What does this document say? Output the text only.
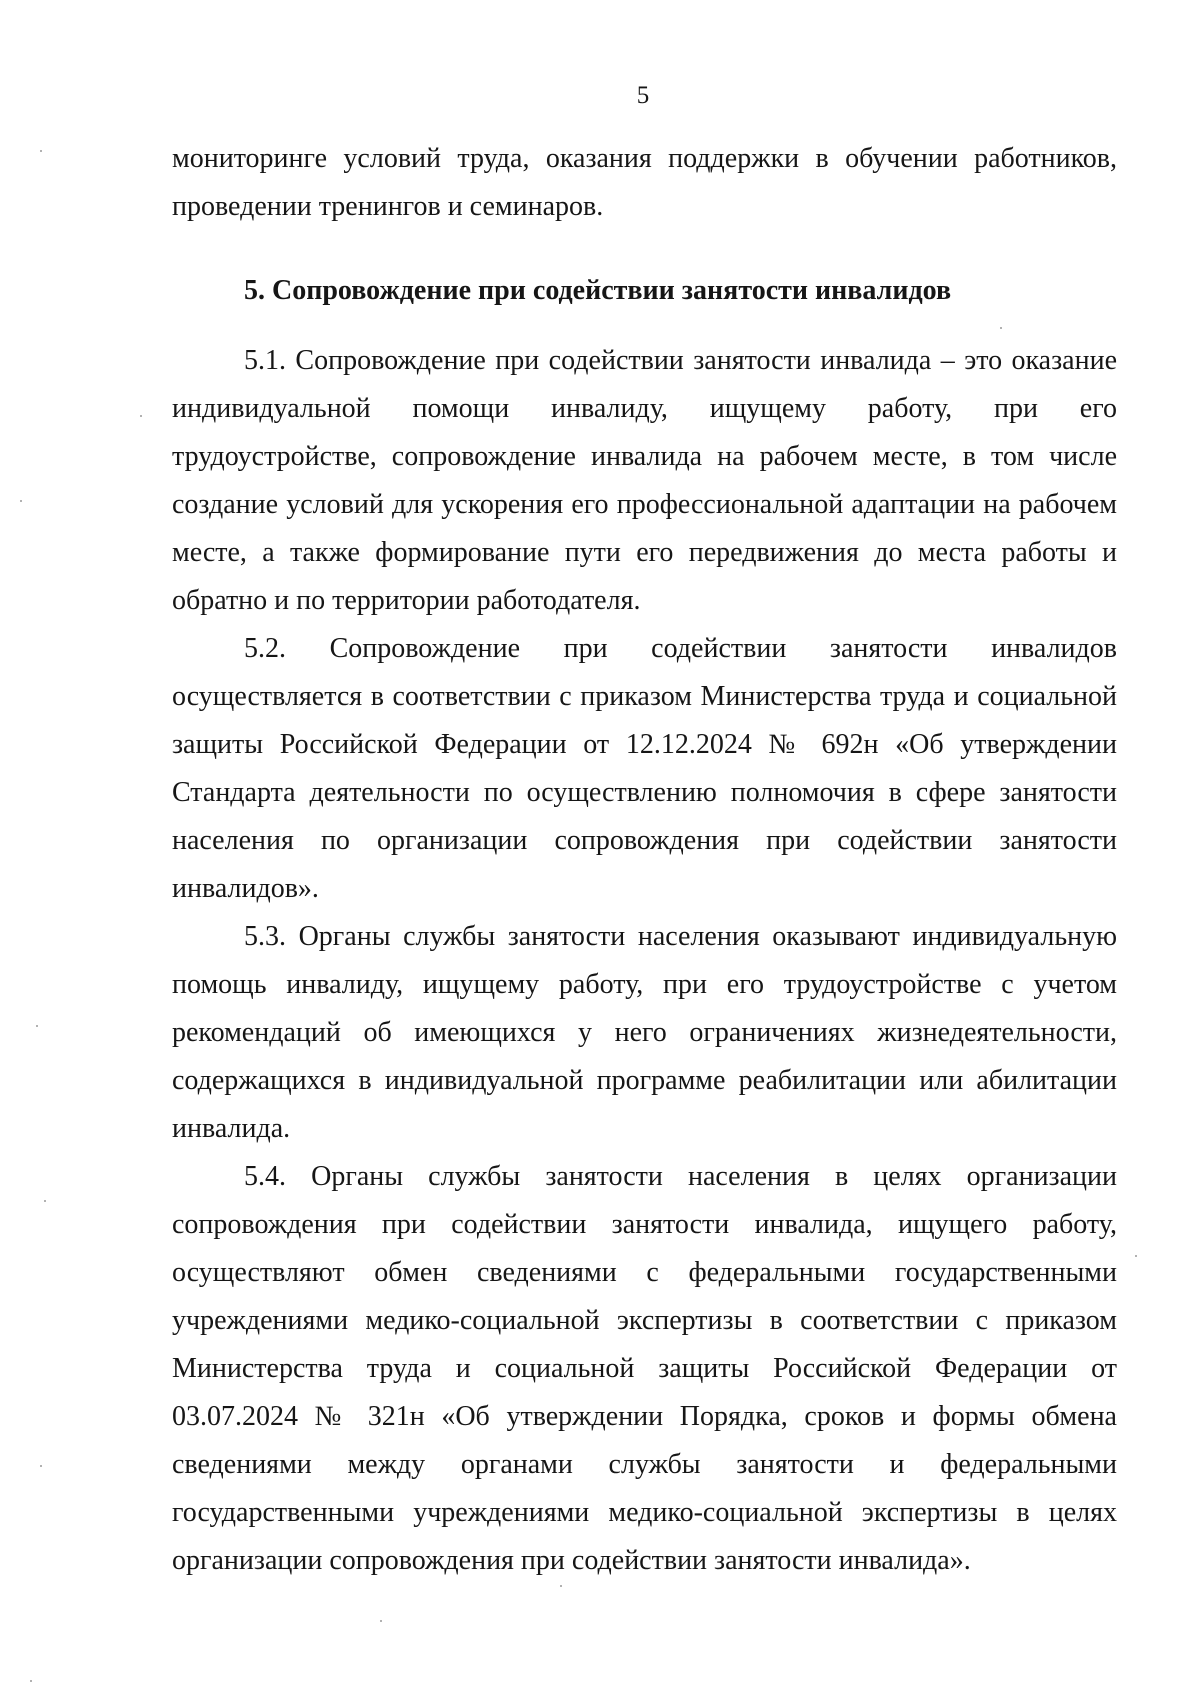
5

мониторинге условий труда, оказания поддержки в обучении работников, проведении тренингов и семинаров.

5. Сопровождение при содействии занятости инвалидов

5.1. Сопровождение при содействии занятости инвалида – это оказание индивидуальной помощи инвалиду, ищущему работу, при его трудоустройстве, сопровождение инвалида на рабочем месте, в том числе создание условий для ускорения его профессиональной адаптации на рабочем месте, а также формирование пути его передвижения до места работы и обратно и по территории работодателя.

5.2. Сопровождение при содействии занятости инвалидов осуществляется в соответствии с приказом Министерства труда и социальной защиты Российской Федерации от 12.12.2024 № 692н «Об утверждении Стандарта деятельности по осуществлению полномочия в сфере занятости населения по организации сопровождения при содействии занятости инвалидов».

5.3. Органы службы занятости населения оказывают индивидуальную помощь инвалиду, ищущему работу, при его трудоустройстве с учетом рекомендаций об имеющихся у него ограничениях жизнедеятельности, содержащихся в индивидуальной программе реабилитации или абилитации инвалида.

5.4. Органы службы занятости населения в целях организации сопровождения при содействии занятости инвалида, ищущего работу, осуществляют обмен сведениями с федеральными государственными учреждениями медико-социальной экспертизы в соответствии с приказом Министерства труда и социальной защиты Российской Федерации от 03.07.2024 № 321н «Об утверждении Порядка, сроков и формы обмена сведениями между органами службы занятости и федеральными государственными учреждениями медико-социальной экспертизы в целях организации сопровождения при содействии занятости инвалида».
